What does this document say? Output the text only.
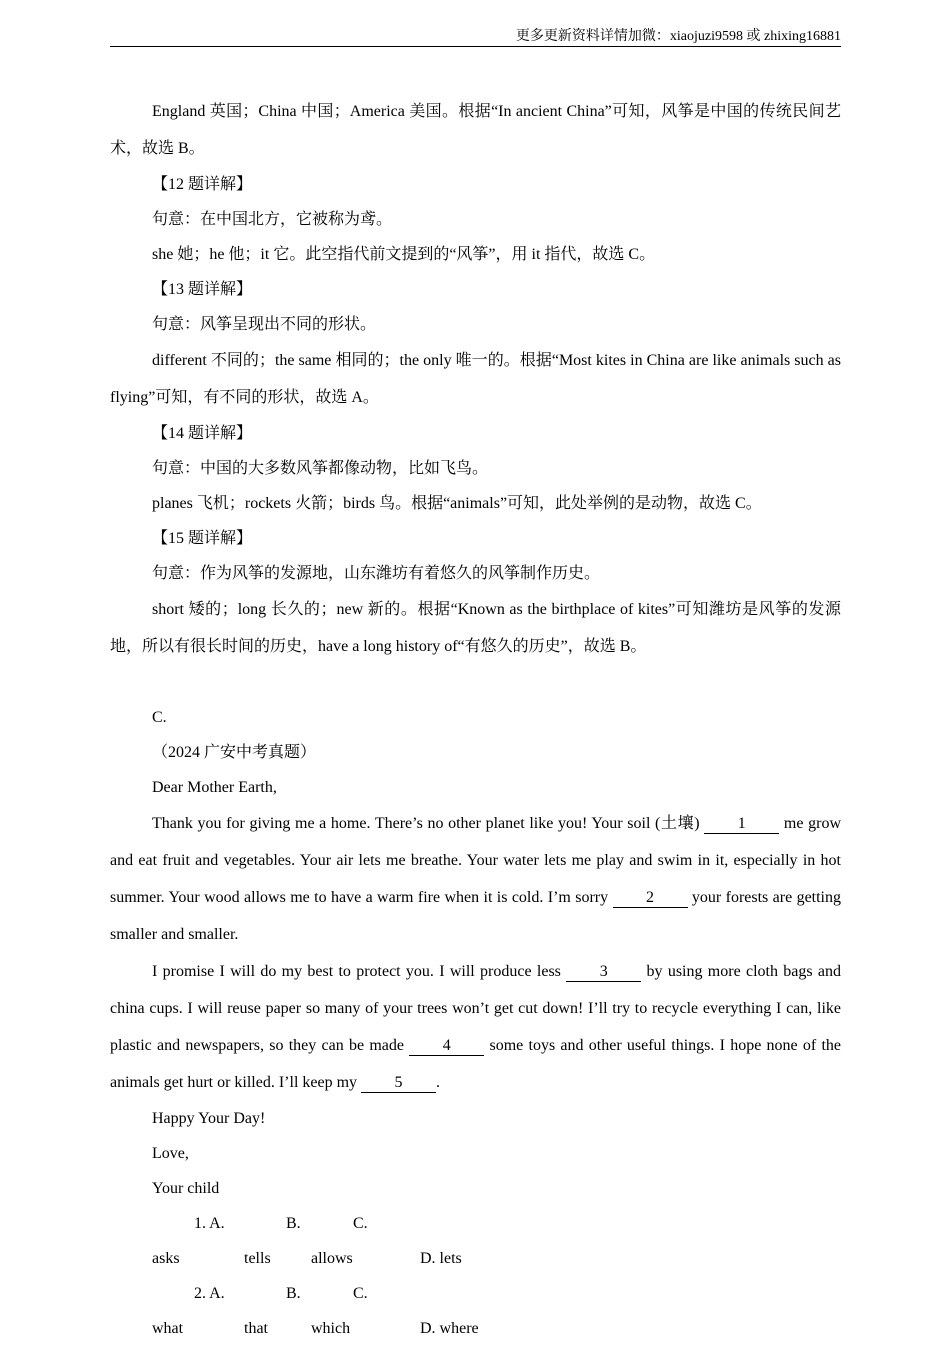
更多更新资料详情加微：xiaojuzi9598 或 zhixing16881

England 英国；China 中国；America 美国。根据“In ancient China”可知，风筝是中国的传统民间艺术，故选 B。

【12 题详解】

句意：在中国北方，它被称为鸢。

she 她；he 他；it 它。此空指代前文提到的“风筝”，用 it 指代，故选 C。

【13 题详解】

句意：风筝呈现出不同的形状。

different 不同的；the same 相同的；the only 唯一的。根据“Most kites in China are like animals such as flying”可知，有不同的形状，故选 A。

【14 题详解】

句意：中国的大多数风筝都像动物，比如飞鸟。

planes 飞机；rockets 火箭；birds 鸟。根据“animals”可知，此处举例的是动物，故选 C。

【15 题详解】

句意：作为风筝的发源地，山东潍坊有着悠久的风筝制作历史。

short 矮的；long 长久的；new 新的。根据“Known as the birthplace of kites”可知潍坊是风筝的发源地，所以有很长时间的历史，have a long history of“有悠久的历史”，故选 B。

C.

（2024 广安中考真题）

Dear Mother Earth,

Thank you for giving me a home. There’s no other planet like you! Your soil (土壤) 1 me grow and eat fruit and vegetables. Your air lets me breathe. Your water lets me play and swim in it, especially in hot summer. Your wood allows me to have a warm fire when it is cold. I’m sorry 2 your forests are getting smaller and smaller.

I promise I will do my best to protect you. I will produce less 3 by using more cloth bags and china cups. I will reuse paper so many of your trees won’t get cut down! I’ll try to recycle everything I can, like plastic and newspapers, so they can be made 4 some toys and other useful things. I hope none of the animals get hurt or killed. I’ll keep my 5 .

Happy Your Day!

Love,

Your child

1. A. asksB. tellsC. allows	D. lets

2. A. whatB. thatC. which	D. where
